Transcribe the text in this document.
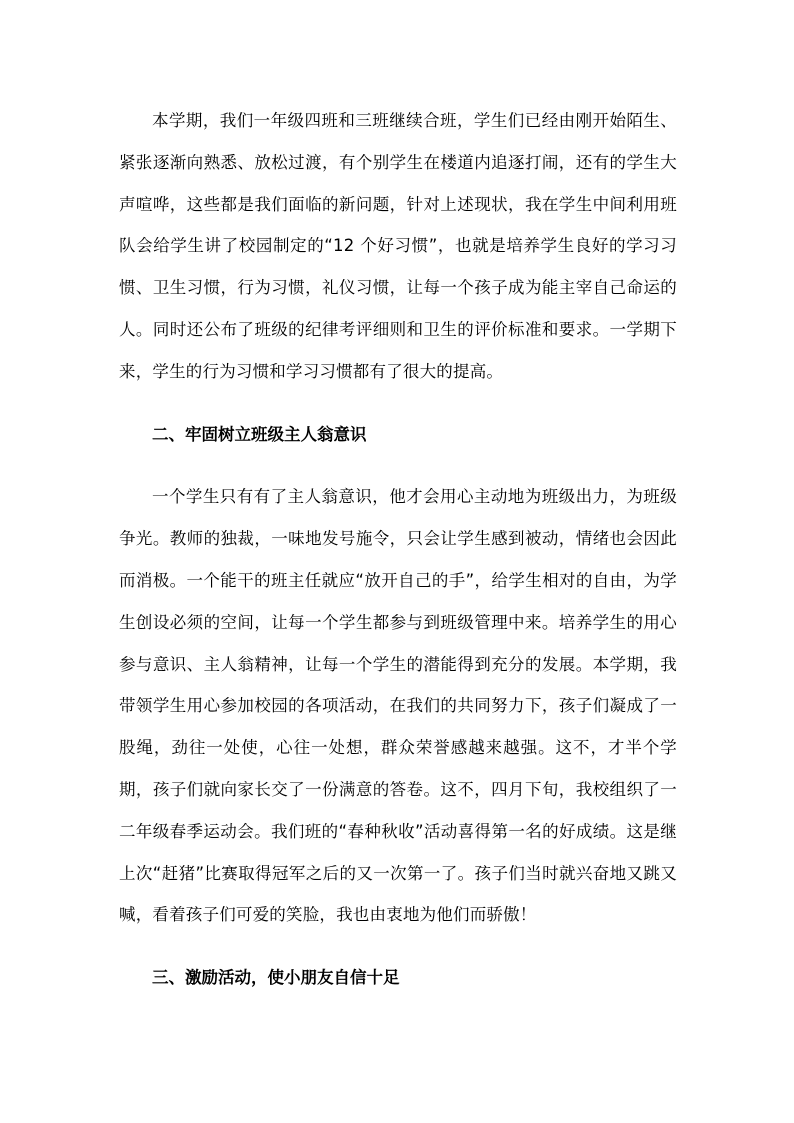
本学期，我们一年级四班和三班继续合班，学生们已经由刚开始陌生、紧张逐渐向熟悉、放松过渡，有个别学生在楼道内追逐打闹，还有的学生大声喧哗，这些都是我们面临的新问题，针对上述现状，我在学生中间利用班队会给学生讲了校园制定的“12 个好习惯”，也就是培养学生良好的学习习惯、卫生习惯，行为习惯，礼仪习惯，让每一个孩子成为能主宰自己命运的人。同时还公布了班级的纪律考评细则和卫生的评价标准和要求。一学期下来，学生的行为习惯和学习习惯都有了很大的提高。

二、牢固树立班级主人翁意识

一个学生只有有了主人翁意识，他才会用心主动地为班级出力，为班级争光。教师的独裁，一味地发号施令，只会让学生感到被动，情绪也会因此而消极。一个能干的班主任就应“放开自己的手”，给学生相对的自由，为学生创设必须的空间，让每一个学生都参与到班级管理中来。培养学生的用心参与意识、主人翁精神，让每一个学生的潜能得到充分的发展。本学期，我带领学生用心参加校园的各项活动，在我们的共同努力下，孩子们凝成了一股绳，劲往一处使，心往一处想，群众荣誉感越来越强。这不，才半个学期，孩子们就向家长交了一份满意的答卷。这不，四月下旬，我校组织了一二年级春季运动会。我们班的“春种秋收”活动喜得第一名的好成绩。这是继上次“赶猪”比赛取得冠军之后的又一次第一了。孩子们当时就兴奋地又跳又喊，看着孩子们可爱的笑脸，我也由衷地为他们而骄傲！

三、激励活动，使小朋友自信十足
